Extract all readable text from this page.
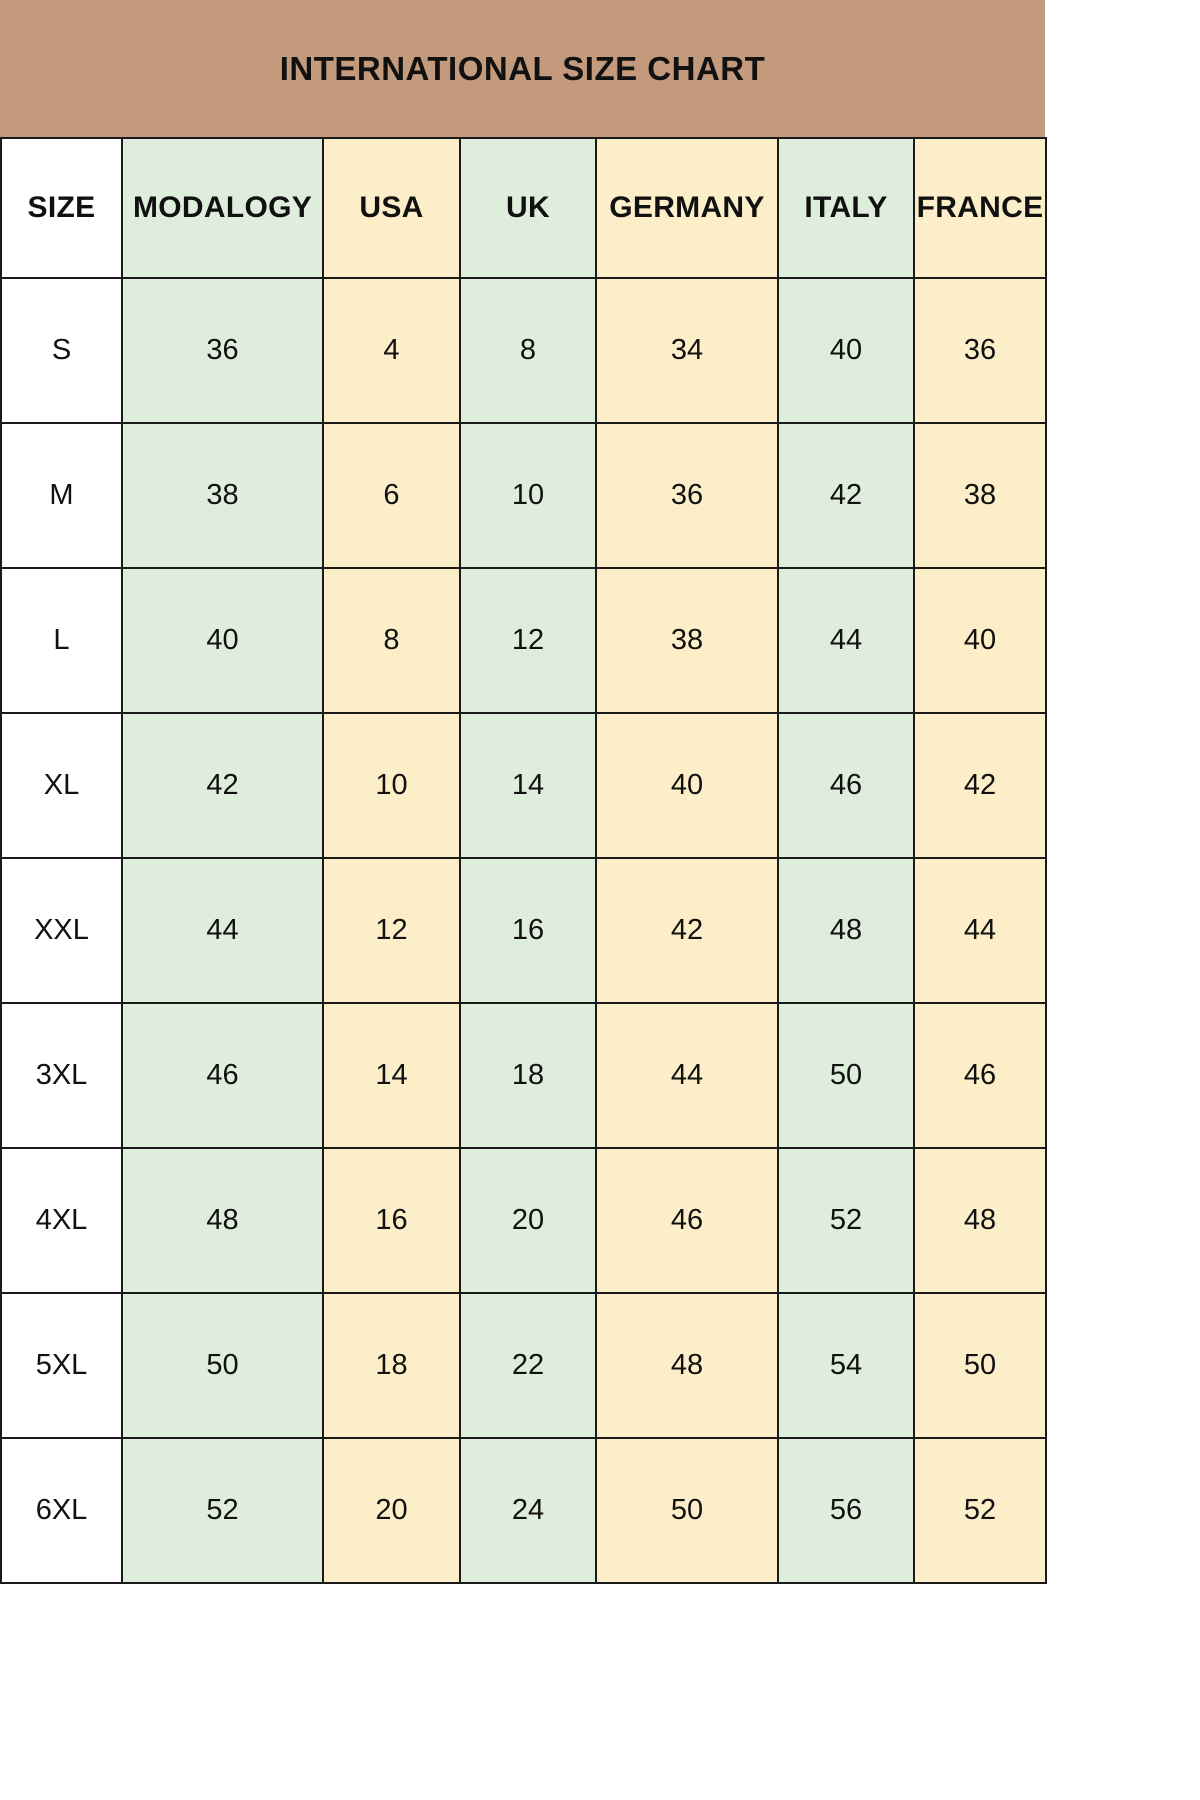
INTERNATIONAL SIZE CHART
SIZE	MODALOGY	USA	UK	GERMANY	ITALY	FRANCE
S	36	4	8	34	40	36
M	38	6	10	36	42	38
L	40	8	12	38	44	40
XL	42	10	14	40	46	42
XXL	44	12	16	42	48	44
3XL	46	14	18	44	50	46
4XL	48	16	20	46	52	48
5XL	50	18	22	48	54	50
6XL	52	20	24	50	56	52
